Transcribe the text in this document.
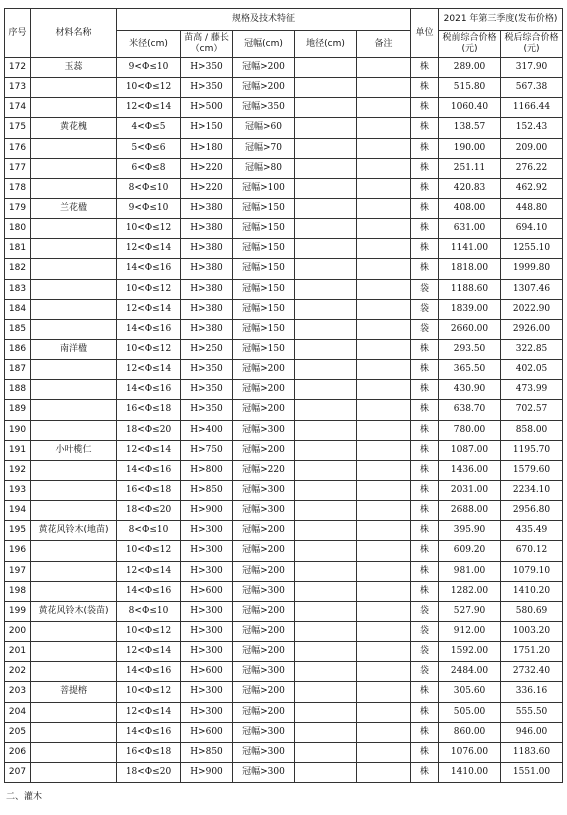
序号	材料名称	规格及技术特征					单位	2021 年第三季度(发布价格)	
		米径(cm)	苗高 / 藤长（cm）	冠幅(cm)	地径(cm)	备注		税前综合价格(元)	税后综合价格(元)
172	玉蕊	9<Φ≤10	H>350	冠幅>200			株	289.00	317.90
173		10<Φ≤12	H>350	冠幅>200			株	515.80	567.38
174		12<Φ≤14	H>500	冠幅>350			株	1060.40	1166.44
175	黄花槐	4<Φ≤5	H>150	冠幅>60			株	138.57	152.43
176		5<Φ≤6	H>180	冠幅>70			株	190.00	209.00
177		6<Φ≤8	H>220	冠幅>80			株	251.11	276.22
178		8<Φ≤10	H>220	冠幅>100			株	420.83	462.92
179	兰花楹	9<Φ≤10	H>380	冠幅>150			株	408.00	448.80
180		10<Φ≤12	H>380	冠幅>150			株	631.00	694.10
181		12<Φ≤14	H>380	冠幅>150			株	1141.00	1255.10
182		14<Φ≤16	H>380	冠幅>150			株	1818.00	1999.80
183		10<Φ≤12	H>380	冠幅>150			袋	1188.60	1307.46
184		12<Φ≤14	H>380	冠幅>150			袋	1839.00	2022.90
185		14<Φ≤16	H>380	冠幅>150			袋	2660.00	2926.00
186	南洋楹	10<Φ≤12	H>250	冠幅>150			株	293.50	322.85
187		12<Φ≤14	H>350	冠幅>200			株	365.50	402.05
188		14<Φ≤16	H>350	冠幅>200			株	430.90	473.99
189		16<Φ≤18	H>350	冠幅>200			株	638.70	702.57
190		18<Φ≤20	H>400	冠幅>300			株	780.00	858.00
191	小叶榄仁	12<Φ≤14	H>750	冠幅>200			株	1087.00	1195.70
192		14<Φ≤16	H>800	冠幅>220			株	1436.00	1579.60
193		16<Φ≤18	H>850	冠幅>300			株	2031.00	2234.10
194		18<Φ≤20	H>900	冠幅>300			株	2688.00	2956.80
195	黄花风铃木(地苗)	8<Φ≤10	H>300	冠幅>200			株	395.90	435.49
196		10<Φ≤12	H>300	冠幅>200			株	609.20	670.12
197		12<Φ≤14	H>300	冠幅>200			株	981.00	1079.10
198		14<Φ≤16	H>600	冠幅>300			株	1282.00	1410.20
199	黄花风铃木(袋苗)	8<Φ≤10	H>300	冠幅>200			袋	527.90	580.69
200		10<Φ≤12	H>300	冠幅>200			袋	912.00	1003.20
201		12<Φ≤14	H>300	冠幅>200			袋	1592.00	1751.20
202		14<Φ≤16	H>600	冠幅>300			袋	2484.00	2732.40
203	菩提榕	10<Φ≤12	H>300	冠幅>200			株	305.60	336.16
204		12<Φ≤14	H>300	冠幅>200			株	505.00	555.50
205		14<Φ≤16	H>600	冠幅>300			株	860.00	946.00
206		16<Φ≤18	H>850	冠幅>300			株	1076.00	1183.60
207		18<Φ≤20	H>900	冠幅>300			株	1410.00	1551.00
二、灌木
